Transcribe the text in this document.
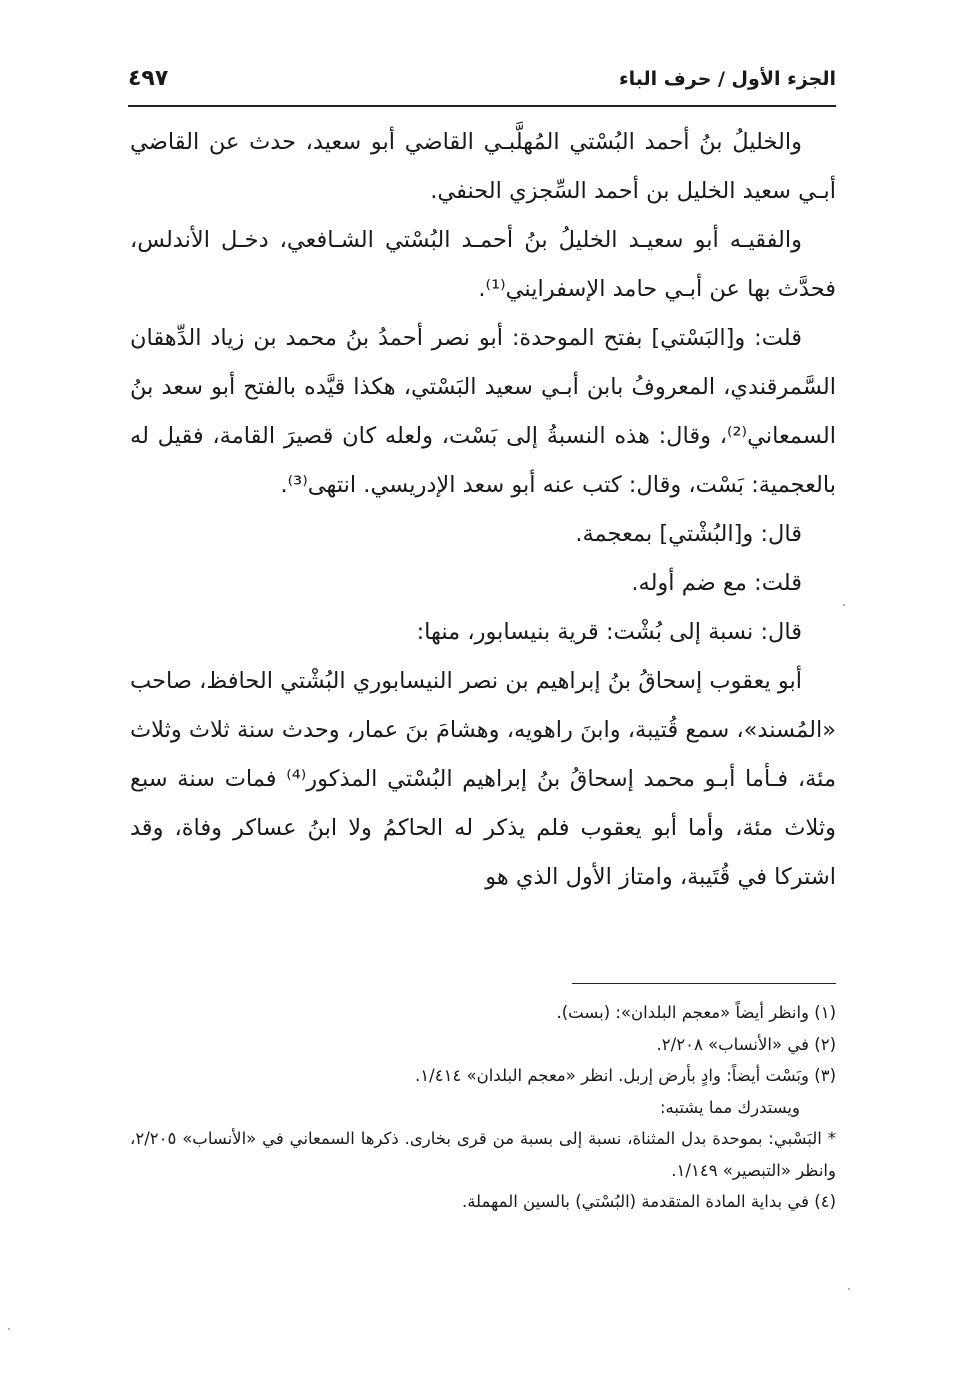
الجزء الأول / حرف الباء
٤٩٧

والخليلُ بنُ أحمد البُسْتي المُهلَّبـي القاضي أبو سعيد، حدث عن القاضي أبـي سعيد الخليل بن أحمد السِّجزي الحنفي.

والفقيـه أبو سعيـد الخليلُ بنُ أحمـد البُسْتي الشـافعي، دخـل الأندلس، فحدَّث بها عن أبـي حامد الإسفرايني⁽¹⁾.

قلت: و[البَسْتي] بفتح الموحدة: أبو نصر أحمدُ بنُ محمد بن زياد الدِّهقان السَّمرقندي، المعروفُ بابن أبـي سعيد البَسْتي، هكذا قيَّده بالفتح أبو سعد بنُ السمعاني⁽²⁾، وقال: هذه النسبةُ إلى بَسْت، ولعله كان قصيرَ القامة، فقيل له بالعجمية: بَسْت، وقال: كتب عنه أبو سعد الإدريسي. انتهى⁽³⁾.

قال: و[البُشْتي] بمعجمة.

قلت: مع ضم أوله.

قال: نسبة إلى بُشْت: قرية بنيسابور، منها:

أبو يعقوب إسحاقُ بنُ إبراهيم بن نصر النيسابوري البُشْتي الحافظ، صاحب «المُسند»، سمع قُتيبة، وابنَ راهويه، وهشامَ بنَ عمار، وحدث سنة ثلاث وثلاث مئة، فـأما أبـو محمد إسحاقُ بنُ إبراهيم البُسْتي المذكور⁽⁴⁾ فمات سنة سبع وثلاث مئة، وأما أبو يعقوب فلم يذكر له الحاكمُ ولا ابنُ عساكر وفاة، وقد اشتركا في قُتَيبة، وامتاز الأول الذي هو

(١) وانظر أيضاً «معجم البلدان»: (بست).

(٢) في «الأنساب» ٢/٢٠٨.

(٣) وبَسْت أيضاً: وادٍ بأرض إربل. انظر «معجم البلدان» ١/٤١٤.

ويستدرك مما يشتبه:

* البَسْبي: بموحدة بدل المثناة، نسبة إلى بسبة من قرى بخارى. ذكرها السمعاني في «الأنساب» ٢/٢٠٥، وانظر «التبصير» ١/١٤٩.

(٤) في بداية المادة المتقدمة (البُسْتي) بالسين المهملة.
